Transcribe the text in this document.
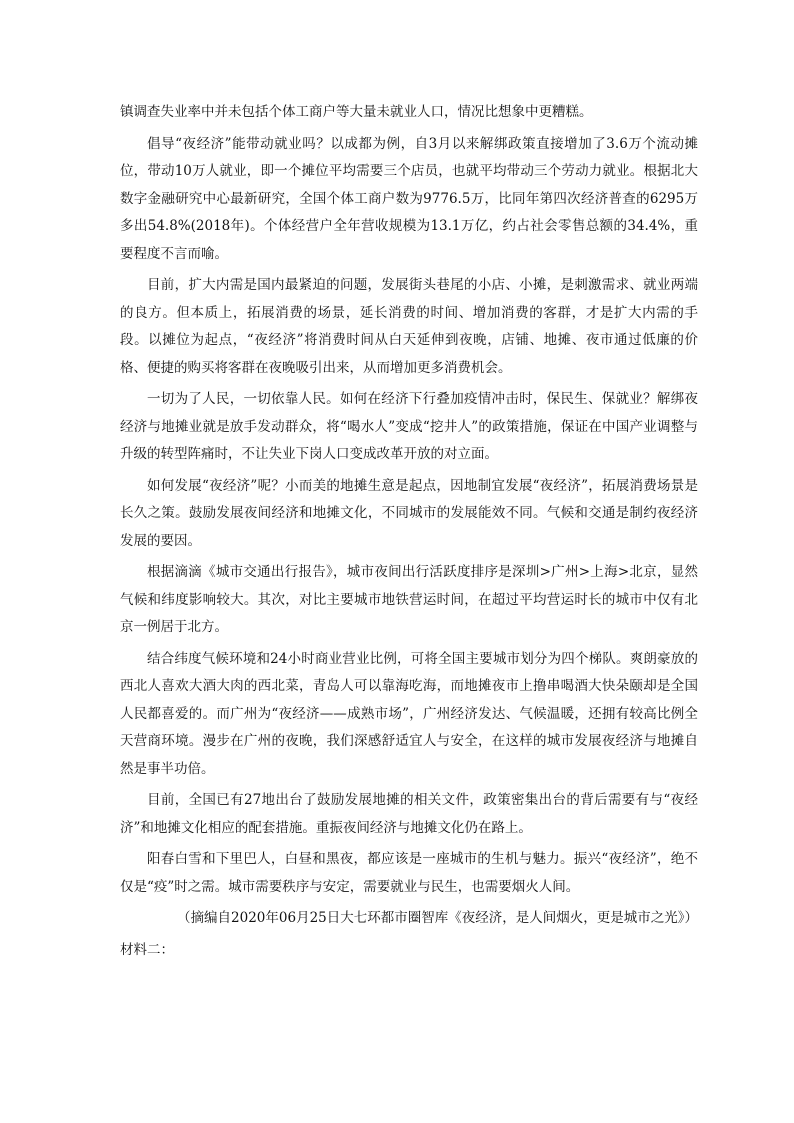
镇调查失业率中并未包括个体工商户等大量未就业人口，情况比想象中更糟糕。

倡导“夜经济”能带动就业吗？以成都为例，自3月以来解绑政策直接增加了3.6万个流动摊位，带动10万人就业，即一个摊位平均需要三个店员，也就平均带动三个劳动力就业。根据北大数字金融研究中心最新研究，全国个体工商户数为9776.5万，比同年第四次经济普查的6295万多出54.8%(2018年)。个体经营户全年营收规模为13.1万亿，约占社会零售总额的34.4%，重要程度不言而喻。

目前，扩大内需是国内最紧迫的问题，发展街头巷尾的小店、小摊，是刺激需求、就业两端的良方。但本质上，拓展消费的场景，延长消费的时间、增加消费的客群，才是扩大内需的手段。以摊位为起点，“夜经济”将消费时间从白天延伸到夜晚，店铺、地摊、夜市通过低廉的价格、便捷的购买将客群在夜晚吸引出来，从而增加更多消费机会。

一切为了人民，一切依靠人民。如何在经济下行叠加疫情冲击时，保民生、保就业？解绑夜经济与地摊业就是放手发动群众，将“喝水人”变成“挖井人”的政策措施，保证在中国产业调整与升级的转型阵痛时，不让失业下岗人口变成改革开放的对立面。

如何发展“夜经济”呢？小而美的地摊生意是起点，因地制宜发展“夜经济”，拓展消费场景是长久之策。鼓励发展夜间经济和地摊文化，不同城市的发展能效不同。气候和交通是制约夜经济发展的要因。

根据滴滴《城市交通出行报告》，城市夜间出行活跃度排序是深圳>广州>上海>北京，显然气候和纬度影响较大。其次，对比主要城市地铁营运时间，在超过平均营运时长的城市中仅有北京一例居于北方。

结合纬度气候环境和24小时商业营业比例，可将全国主要城市划分为四个梯队。爽朗豪放的西北人喜欢大酒大肉的西北菜，青岛人可以靠海吃海，而地摊夜市上撸串喝酒大快朵颐却是全国人民都喜爱的。而广州为“夜经济——成熟市场”，广州经济发达、气候温暖，还拥有较高比例全天营商环境。漫步在广州的夜晚，我们深感舒适宜人与安全，在这样的城市发展夜经济与地摊自然是事半功倍。

目前，全国已有27地出台了鼓励发展地摊的相关文件，政策密集出台的背后需要有与“夜经济”和地摊文化相应的配套措施。重振夜间经济与地摊文化仍在路上。

阳春白雪和下里巴人，白昼和黑夜，都应该是一座城市的生机与魅力。振兴“夜经济”，绝不仅是“疫”时之需。城市需要秩序与安定，需要就业与民生，也需要烟火人间。

（摘编自2020年06月25日大七环都市圈智库《夜经济，是人间烟火，更是城市之光》）

材料二：
